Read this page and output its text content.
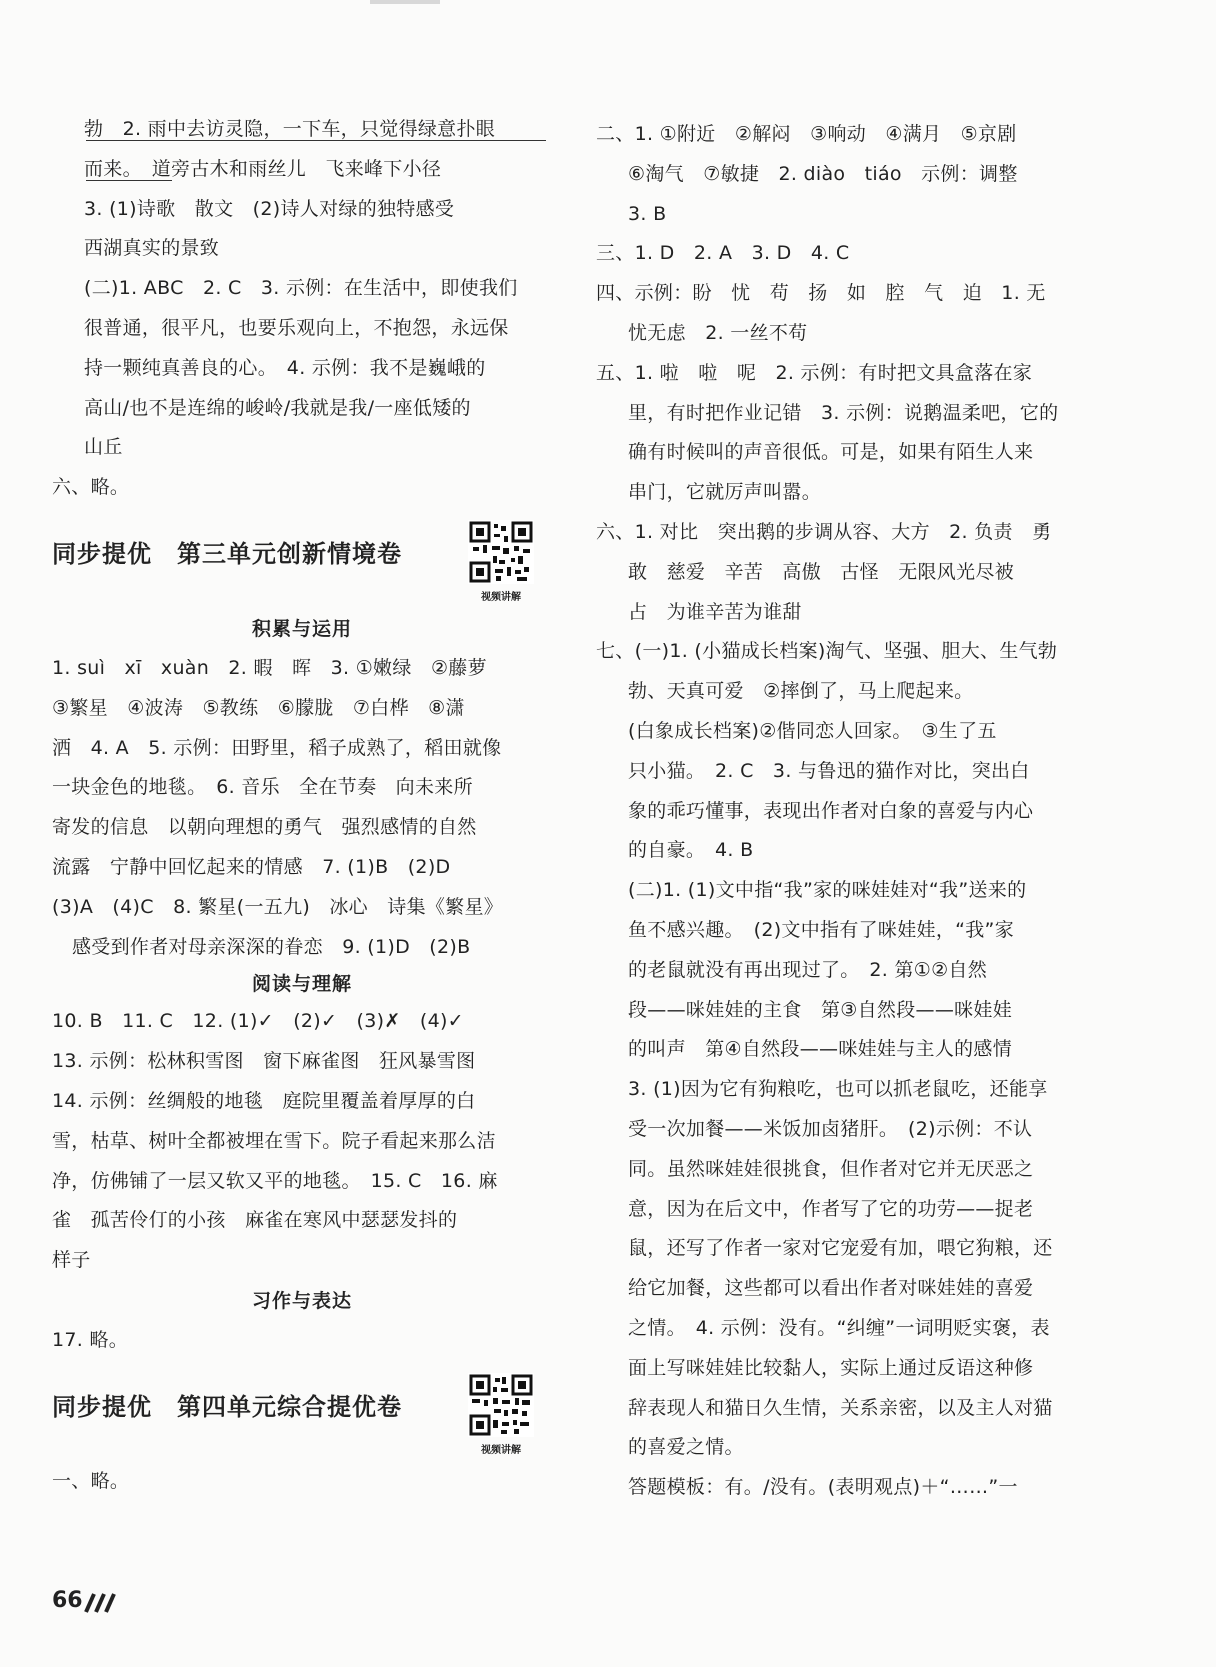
勃　2. 雨中去访灵隐，一下车，只觉得绿意扑眼
而来。　道旁古木和雨丝儿　飞来峰下小径
3. (1)诗歌　散文　(2)诗人对绿的独特感受
西湖真实的景致
(二)1. ABC　2. C　3. 示例：在生活中，即使我们
很普通，很平凡，也要乐观向上，不抱怨，永远保
持一颗纯真善良的心。　4. 示例：我不是巍峨的
高山/也不是连绵的峻岭/我就是我/一座低矮的
山丘
六、略。
同步提优　第三单元创新情境卷
视频讲解
积累与运用
1. suì　xī　xuàn　2. 暇　晖　3. ①嫩绿　②藤萝
③繁星　④波涛　⑤教练　⑥朦胧　⑦白桦　⑧潇
洒　4. A　5. 示例：田野里，稻子成熟了，稻田就像
一块金色的地毯。　6. 音乐　全在节奏　向未来所
寄发的信息　以朝向理想的勇气　强烈感情的自然
流露　宁静中回忆起来的情感　7. (1)B　(2)D
(3)A　(4)C　8. 繁星(一五九)　冰心　诗集《繁星》
感受到作者对母亲深深的眷恋　9. (1)D　(2)B
阅读与理解
10. B　11. C　12. (1)✓　(2)✓　(3)✗　(4)✓
13. 示例：松林积雪图　窗下麻雀图　狂风暴雪图
14. 示例：丝绸般的地毯　庭院里覆盖着厚厚的白
雪，枯草、树叶全都被埋在雪下。院子看起来那么洁
净，仿佛铺了一层又软又平的地毯。　15. C　16. 麻
雀　孤苦伶仃的小孩　麻雀在寒风中瑟瑟发抖的
样子
习作与表达
17. 略。
同步提优　第四单元综合提优卷
视频讲解
一、略。
66
二、1. ①附近　②解闷　③响动　④满月　⑤京剧
⑥淘气　⑦敏捷　2. diào　tiáo　示例：调整
3. B
三、1. D　2. A　3. D　4. C
四、示例：盼　忧　苟　扬　如　腔　气　迫　1. 无
忧无虑　2. 一丝不苟
五、1. 啦　啦　呢　2. 示例：有时把文具盒落在家
里，有时把作业记错　3. 示例：说鹅温柔吧，它的
确有时候叫的声音很低。可是，如果有陌生人来
串门，它就厉声叫嚣。
六、1. 对比　突出鹅的步调从容、大方　2. 负责　勇
敢　慈爱　辛苦　高傲　古怪　无限风光尽被
占　为谁辛苦为谁甜
七、(一)1. (小猫成长档案)淘气、坚强、胆大、生气勃
勃、天真可爱　②摔倒了，马上爬起来。
(白象成长档案)②偕同恋人回家。　③生了五
只小猫。　2. C　3. 与鲁迅的猫作对比，突出白
象的乖巧懂事，表现出作者对白象的喜爱与内心
的自豪。　4. B
(二)1. (1)文中指“我”家的咪娃娃对“我”送来的
鱼不感兴趣。　(2)文中指有了咪娃娃，“我”家
的老鼠就没有再出现过了。　2. 第①②自然
段——咪娃娃的主食　第③自然段——咪娃娃
的叫声　第④自然段——咪娃娃与主人的感情
3. (1)因为它有狗粮吃，也可以抓老鼠吃，还能享
受一次加餐——米饭加卤猪肝。　(2)示例：不认
同。虽然咪娃娃很挑食，但作者对它并无厌恶之
意，因为在后文中，作者写了它的功劳——捉老
鼠，还写了作者一家对它宠爱有加，喂它狗粮，还
给它加餐，这些都可以看出作者对咪娃娃的喜爱
之情。　4. 示例：没有。“纠缠”一词明贬实褒，表
面上写咪娃娃比较黏人，实际上通过反语这种修
辞表现人和猫日久生情，关系亲密，以及主人对猫
的喜爱之情。
答题模板：有。/没有。(表明观点)＋“……”一
